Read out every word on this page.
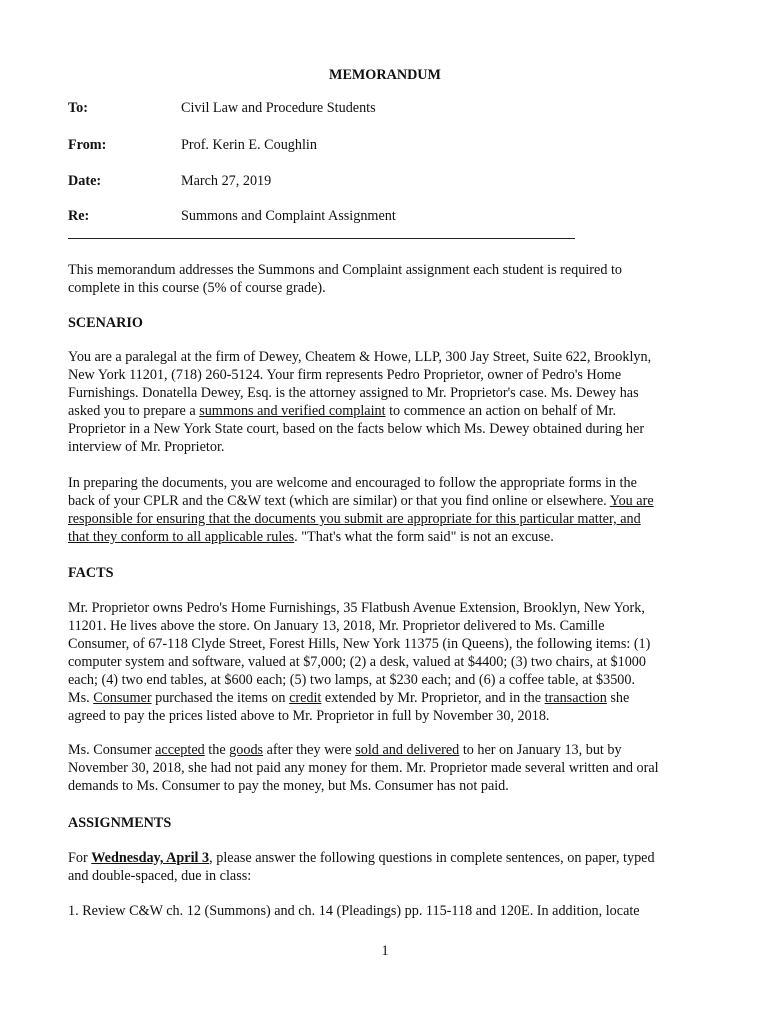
MEMORANDUM
To:	Civil Law and Procedure Students
From:	Prof. Kerin E. Coughlin
Date:	March 27, 2019
Re:	Summons and Complaint Assignment
This memorandum addresses the Summons and Complaint assignment each student is required to
complete in this course (5% of course grade).
SCENARIO
You are a paralegal at the firm of Dewey, Cheatem & Howe, LLP, 300 Jay Street, Suite 622, Brooklyn,
New York 11201, (718) 260-5124. Your firm represents Pedro Proprietor, owner of Pedro's Home
Furnishings. Donatella Dewey, Esq. is the attorney assigned to Mr. Proprietor's case. Ms. Dewey has
asked you to prepare a summons and verified complaint to commence an action on behalf of Mr.
Proprietor in a New York State court, based on the facts below which Ms. Dewey obtained during her
interview of Mr. Proprietor.
In preparing the documents, you are welcome and encouraged to follow the appropriate forms in the
back of your CPLR and the C&W text (which are similar) or that you find online or elsewhere. You are
responsible for ensuring that the documents you submit are appropriate for this particular matter, and
that they conform to all applicable rules. "That's what the form said" is not an excuse.
FACTS
Mr. Proprietor owns Pedro's Home Furnishings, 35 Flatbush Avenue Extension, Brooklyn, New York,
11201. He lives above the store. On January 13, 2018, Mr. Proprietor delivered to Ms. Camille
Consumer, of 67-118 Clyde Street, Forest Hills, New York 11375 (in Queens), the following items: (1)
computer system and software, valued at $7,000; (2) a desk, valued at $4400; (3) two chairs, at $1000
each; (4) two end tables, at $600 each; (5) two lamps, at $230 each; and (6) a coffee table, at $3500.
Ms. Consumer purchased the items on credit extended by Mr. Proprietor, and in the transaction she
agreed to pay the prices listed above to Mr. Proprietor in full by November 30, 2018.
Ms. Consumer accepted the goods after they were sold and delivered to her on January 13, but by
November 30, 2018, she had not paid any money for them. Mr. Proprietor made several written and oral
demands to Ms. Consumer to pay the money, but Ms. Consumer has not paid.
ASSIGNMENTS
For Wednesday, April 3, please answer the following questions in complete sentences, on paper, typed
and double-spaced, due in class:
1. Review C&W ch. 12 (Summons) and ch. 14 (Pleadings) pp. 115-118 and 120E. In addition, locate
1
